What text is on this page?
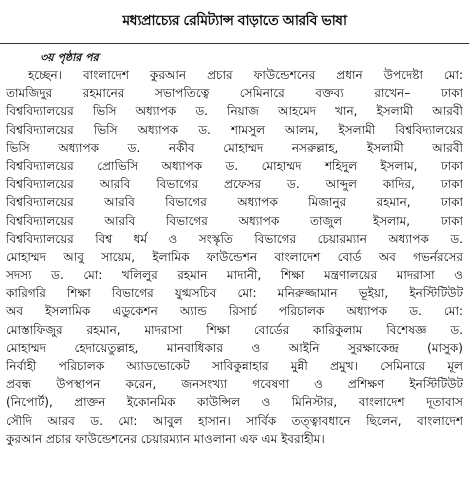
মধ্যপ্রাচ্যের রেমিট্যান্স বাড়াতে আরবি ভাষা
৩য় পৃষ্ঠার পর
হচ্ছেন। বাংলাদেশ কুরআন প্রচার ফাউন্ডেশনের প্রধান উপদেষ্টা মো:
তামজিদুর রহমানের সভাপতিত্বে সেমিনারে বক্তব্য রাখেন– ঢাকা
বিশ্ববিদ্যালয়ের ভিসি অধ্যাপক ড. নিয়াজ আহমেদ খান, ইসলামী আরবী
বিশ্ববিদ্যালয়ের ভিসি অধ্যাপক ড. শামসুল আলম, ইসলামী বিশ্ববিদ্যালয়ের
ভিসি অধ্যাপক ড. নকীব মোহাম্মদ নসরুল্লাহ, ইসলামী আরবী
বিশ্ববিদ্যালয়ের প্রোভিসি অধ্যাপক ড. মোহাম্মদ শহিদুল ইসলাম, ঢাকা
বিশ্ববিদ্যালয়ের আরবি বিভাগের প্রফেসর ড. আব্দুল কাদির, ঢাকা
বিশ্ববিদ্যালয়ের আরবি বিভাগের অধ্যাপক মিজানুর রহমান, ঢাকা
বিশ্ববিদ্যালয়ের আরবি বিভাগের অধ্যাপক তাজুল ইসলাম, ঢাকা
বিশ্ববিদ্যালয়ের বিশ্ব ধর্ম ও সংস্কৃতি বিভাগের চেয়ারম্যান অধ্যাপক ড.
মোহাম্মদ আবু সায়েম, ইলামিক ফাউন্ডেশন বাংলাদেশ বোর্ড অব গভর্নরসের
সদস্য ড. মো: খলিলুর রহমান মাদানী, শিক্ষা মন্ত্রণালয়ের মাদরাসা ও
কারিগরি শিক্ষা বিভাগের যুগ্মসচিব মো: মনিরুজ্জামান ভূইয়া, ইনস্টিটিউট
অব ইসলামিক এডুকেশন অ্যান্ড রিসার্চ পরিচালক অধ্যাপক ড. মো:
মোস্তাফিজুর রহমান, মাদরাসা শিক্ষা বোর্ডের কারিকুলাম বিশেষজ্ঞ ড.
মোহাম্মদ হেদায়েতুল্লাহ, মানবাধিকার ও আইনি সুরক্ষাকেন্দ্র (মাসুক)
নির্বাহী পরিচালক অ্যাডভোকেট সাবিকুন্নাহার মুন্নী প্রমুখ। সেমিনারে মূল
প্রবন্ধ উপস্থাপন করেন, জনসংখ্যা গবেষণা ও প্রশিক্ষণ ইনস্টিটিউট
(নিপোর্ট), প্রাক্তন ইকোনমিক কাউন্সিল ও মিনিস্টার, বাংলাদেশ দূতাবাস
সৌদি আরব ড. মো: আবুল হাসান। সার্বিক তত্ত্বাবধানে ছিলেন, বাংলাদেশ
কুরআন প্রচার ফাউন্ডেশনের চেয়ারম্যান মাওলানা এফ এম ইবরাহীম।
